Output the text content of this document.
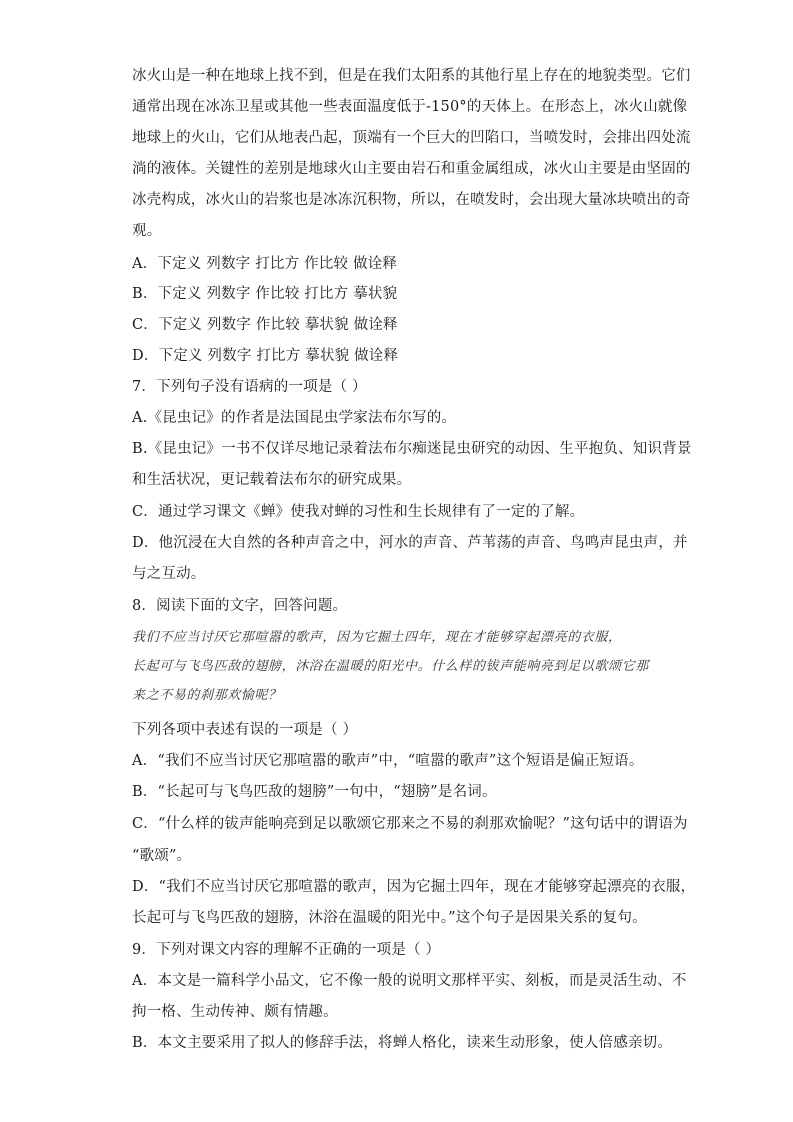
冰火山是一种在地球上找不到，但是在我们太阳系的其他行星上存在的地貌类型。它们

通常出现在冰冻卫星或其他一些表面温度低于-150°的天体上。在形态上，冰火山就像

地球上的火山，它们从地表凸起，顶端有一个巨大的凹陷口，当喷发时，会排出四处流

淌的液体。关键性的差别是地球火山主要由岩石和重金属组成，冰火山主要是由坚固的

冰壳构成，冰火山的岩浆也是冰冻沉积物，所以，在喷发时，会出现大量冰块喷出的奇

观。

A．下定义 列数字 打比方 作比较 做诠释

B．下定义 列数字 作比较 打比方 摹状貌

C．下定义 列数字 作比较 摹状貌 做诠释

D．下定义 列数字 打比方 摹状貌 做诠释

7．下列句子没有语病的一项是（ ）

A.《昆虫记》的作者是法国昆虫学家法布尔写的。

B.《昆虫记》一书不仅详尽地记录着法布尔痴迷昆虫研究的动因、生平抱负、知识背景

和生活状况，更记载着法布尔的研究成果。

C．通过学习课文《蝉》使我对蝉的习性和生长规律有了一定的了解。

D．他沉浸在大自然的各种声音之中，河水的声音、芦苇荡的声音、鸟鸣声昆虫声，并

与之互动。

8．阅读下面的文字，回答问题。

我们不应当讨厌它那喧嚣的歌声，因为它掘土四年，现在才能够穿起漂亮的衣服，

长起可与飞鸟匹敌的翅膀，沐浴在温暖的阳光中。什么样的钹声能响亮到足以歌颂它那

来之不易的刹那欢愉呢？

下列各项中表述有误的一项是（ ）

A．“我们不应当讨厌它那喧嚣的歌声”中，“喧嚣的歌声”这个短语是偏正短语。

B．“长起可与飞鸟匹敌的翅膀”一句中，“翅膀”是名词。

C．“什么样的钹声能响亮到足以歌颂它那来之不易的刹那欢愉呢？”这句话中的谓语为

“歌颂”。

D．“我们不应当讨厌它那喧嚣的歌声，因为它掘土四年，现在才能够穿起漂亮的衣服，

长起可与飞鸟匹敌的翅膀，沐浴在温暖的阳光中。”这个句子是因果关系的复句。

9．下列对课文内容的理解不正确的一项是（ ）

A．本文是一篇科学小品文，它不像一般的说明文那样平实、刻板，而是灵活生动、不

拘一格、生动传神、颇有情趣。

B．本文主要采用了拟人的修辞手法，将蝉人格化，读来生动形象，使人倍感亲切。
